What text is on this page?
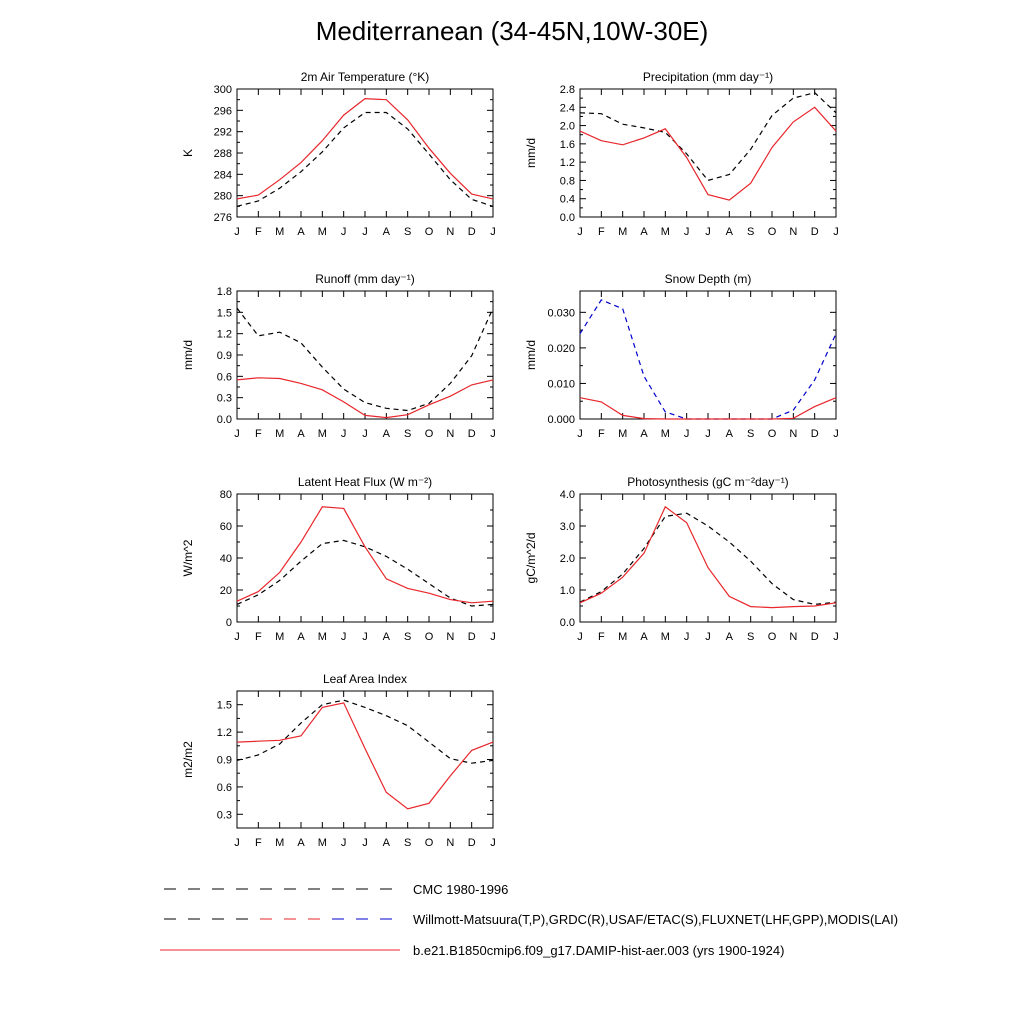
Mediterranean (34-45N,10W-30E)
2m Air Temperature (°K)
J F M A M J J A S O N D J
276
280
284
288
292
296
300
K
Precipitation (mm day⁻¹)
J F M A M J J A S O N D J
0.0
0.4
0.8
1.2
1.6
2.0
2.4
2.8
mm/d
Runoff (mm day⁻¹)
J F M A M J J A S O N D J
0.0
0.3
0.6
0.9
1.2
1.5
1.8
mm/d
Snow Depth (m)
J F M A M J J A S O N D J
0.000
0.010
0.020
0.030
mm/d
Latent Heat Flux (W m⁻²)
J F M A M J J A S O N D J
0
20
40
60
80
W/m^2
Photosynthesis (gC m⁻²day⁻¹)
J F M A M J J A S O N D J
0.0
1.0
2.0
3.0
4.0
gC/m^2/d
Leaf Area Index
J F M A M J J A S O N D J
0.3
0.6
0.9
1.2
1.5
m2/m2
CMC 1980-1996
Willmott-Matsuura(T,P),GRDC(R),USAF/ETAC(S),FLUXNET(LHF,GPP),MODIS(LAI)
b.e21.B1850cmip6.f09_g17.DAMIP-hist-aer.003 (yrs 1900-1924)
